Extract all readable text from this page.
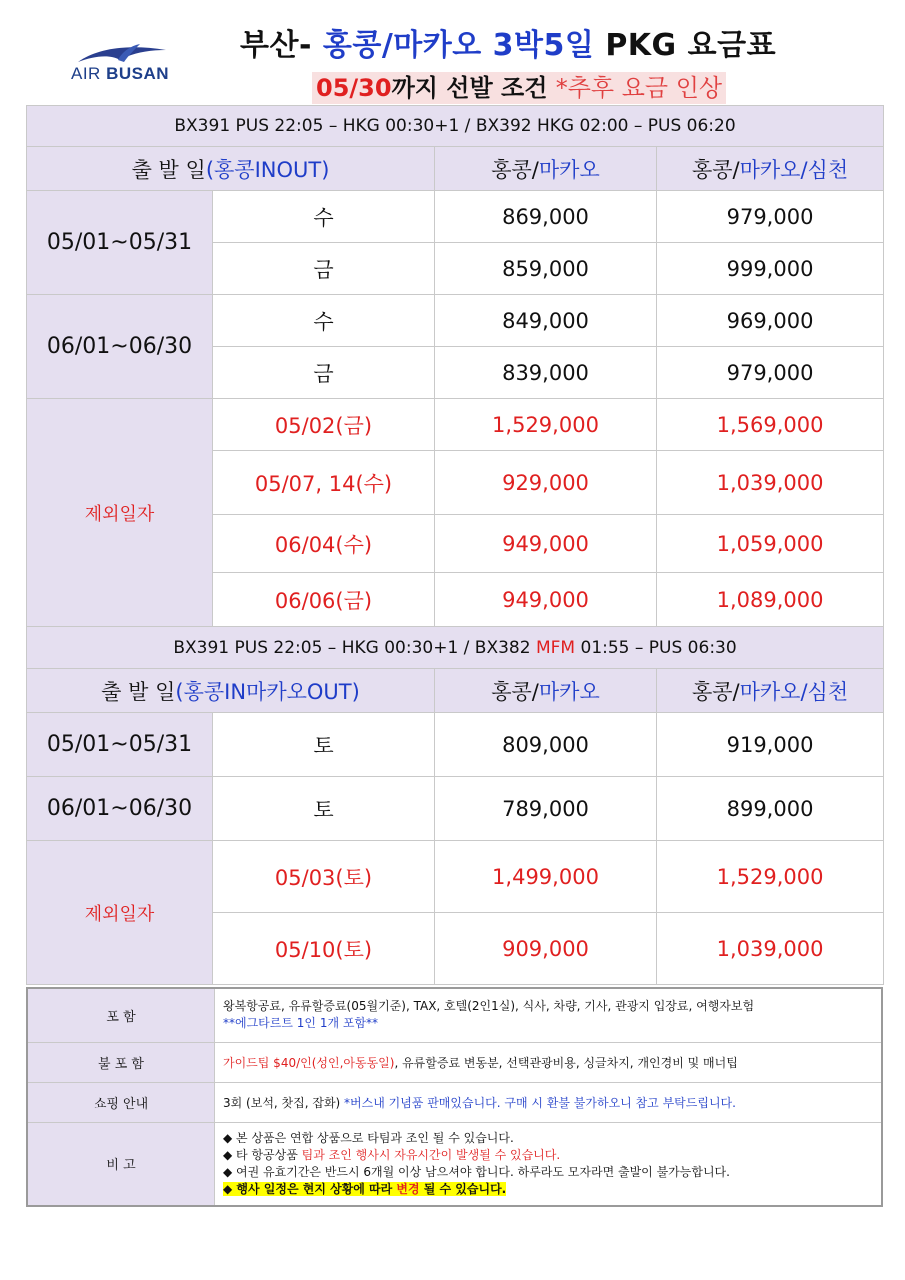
AIR BUSAN
부산- 홍콩/마카오 3박5일 PKG 요금표
05/30까지 선발 조건 *추후 요금 인상
BX391 PUS 22:05 – HKG 00:30+1 / BX392 HKG 02:00 – PUS 06:20			
출 발 일(홍콩INOUT)		홍콩/마카오	홍콩/마카오/심천
05/01~05/31	수	869,000	979,000
	금	859,000	999,000
06/01~06/30	수	849,000	969,000
	금	839,000	979,000
제외일자	05/02(금)	1,529,000	1,569,000
	05/07, 14(수)	929,000	1,039,000
	06/04(수)	949,000	1,059,000
	06/06(금)	949,000	1,089,000
BX391 PUS 22:05 – HKG 00:30+1 / BX382 MFM 01:55 – PUS 06:30			
출 발 일(홍콩IN마카오OUT)		홍콩/마카오	홍콩/마카오/심천
05/01~05/31	토	809,000	919,000
06/01~06/30	토	789,000	899,000
제외일자	05/03(토)	1,499,000	1,529,000
	05/10(토)	909,000	1,039,000
포 함	왕복항공료, 유류할증료(05월기준), TAX, 호텔(2인1실), 식사, 차량, 기사, 관광지 입장료, 여행자보험
**에그타르트 1인 1개 포함**

불 포 함	가이드팁 $40/인(성인,아동동일), 유류할증료 변동분, 선택관광비용, 싱글차지, 개인경비 및 매너팁
쇼핑 안내	3회 (보석, 찻집, 잡화) *버스내 기념품 판매있습니다. 구매 시 환불 불가하오니 참고 부탁드립니다.
비 고	◆ 본 상품은 연합 상품으로 타팀과 조인 될 수 있습니다.
◆ 타 항공상품 팀과 조인 행사시 자유시간이 발생될 수 있습니다.
◆ 여권 유효기간은 반드시 6개월 이상 남으셔야 합니다. 하루라도 모자라면 출발이 불가능합니다.
◆ 행사 일정은 현지 상황에 따라 변경 될 수 있습니다.
